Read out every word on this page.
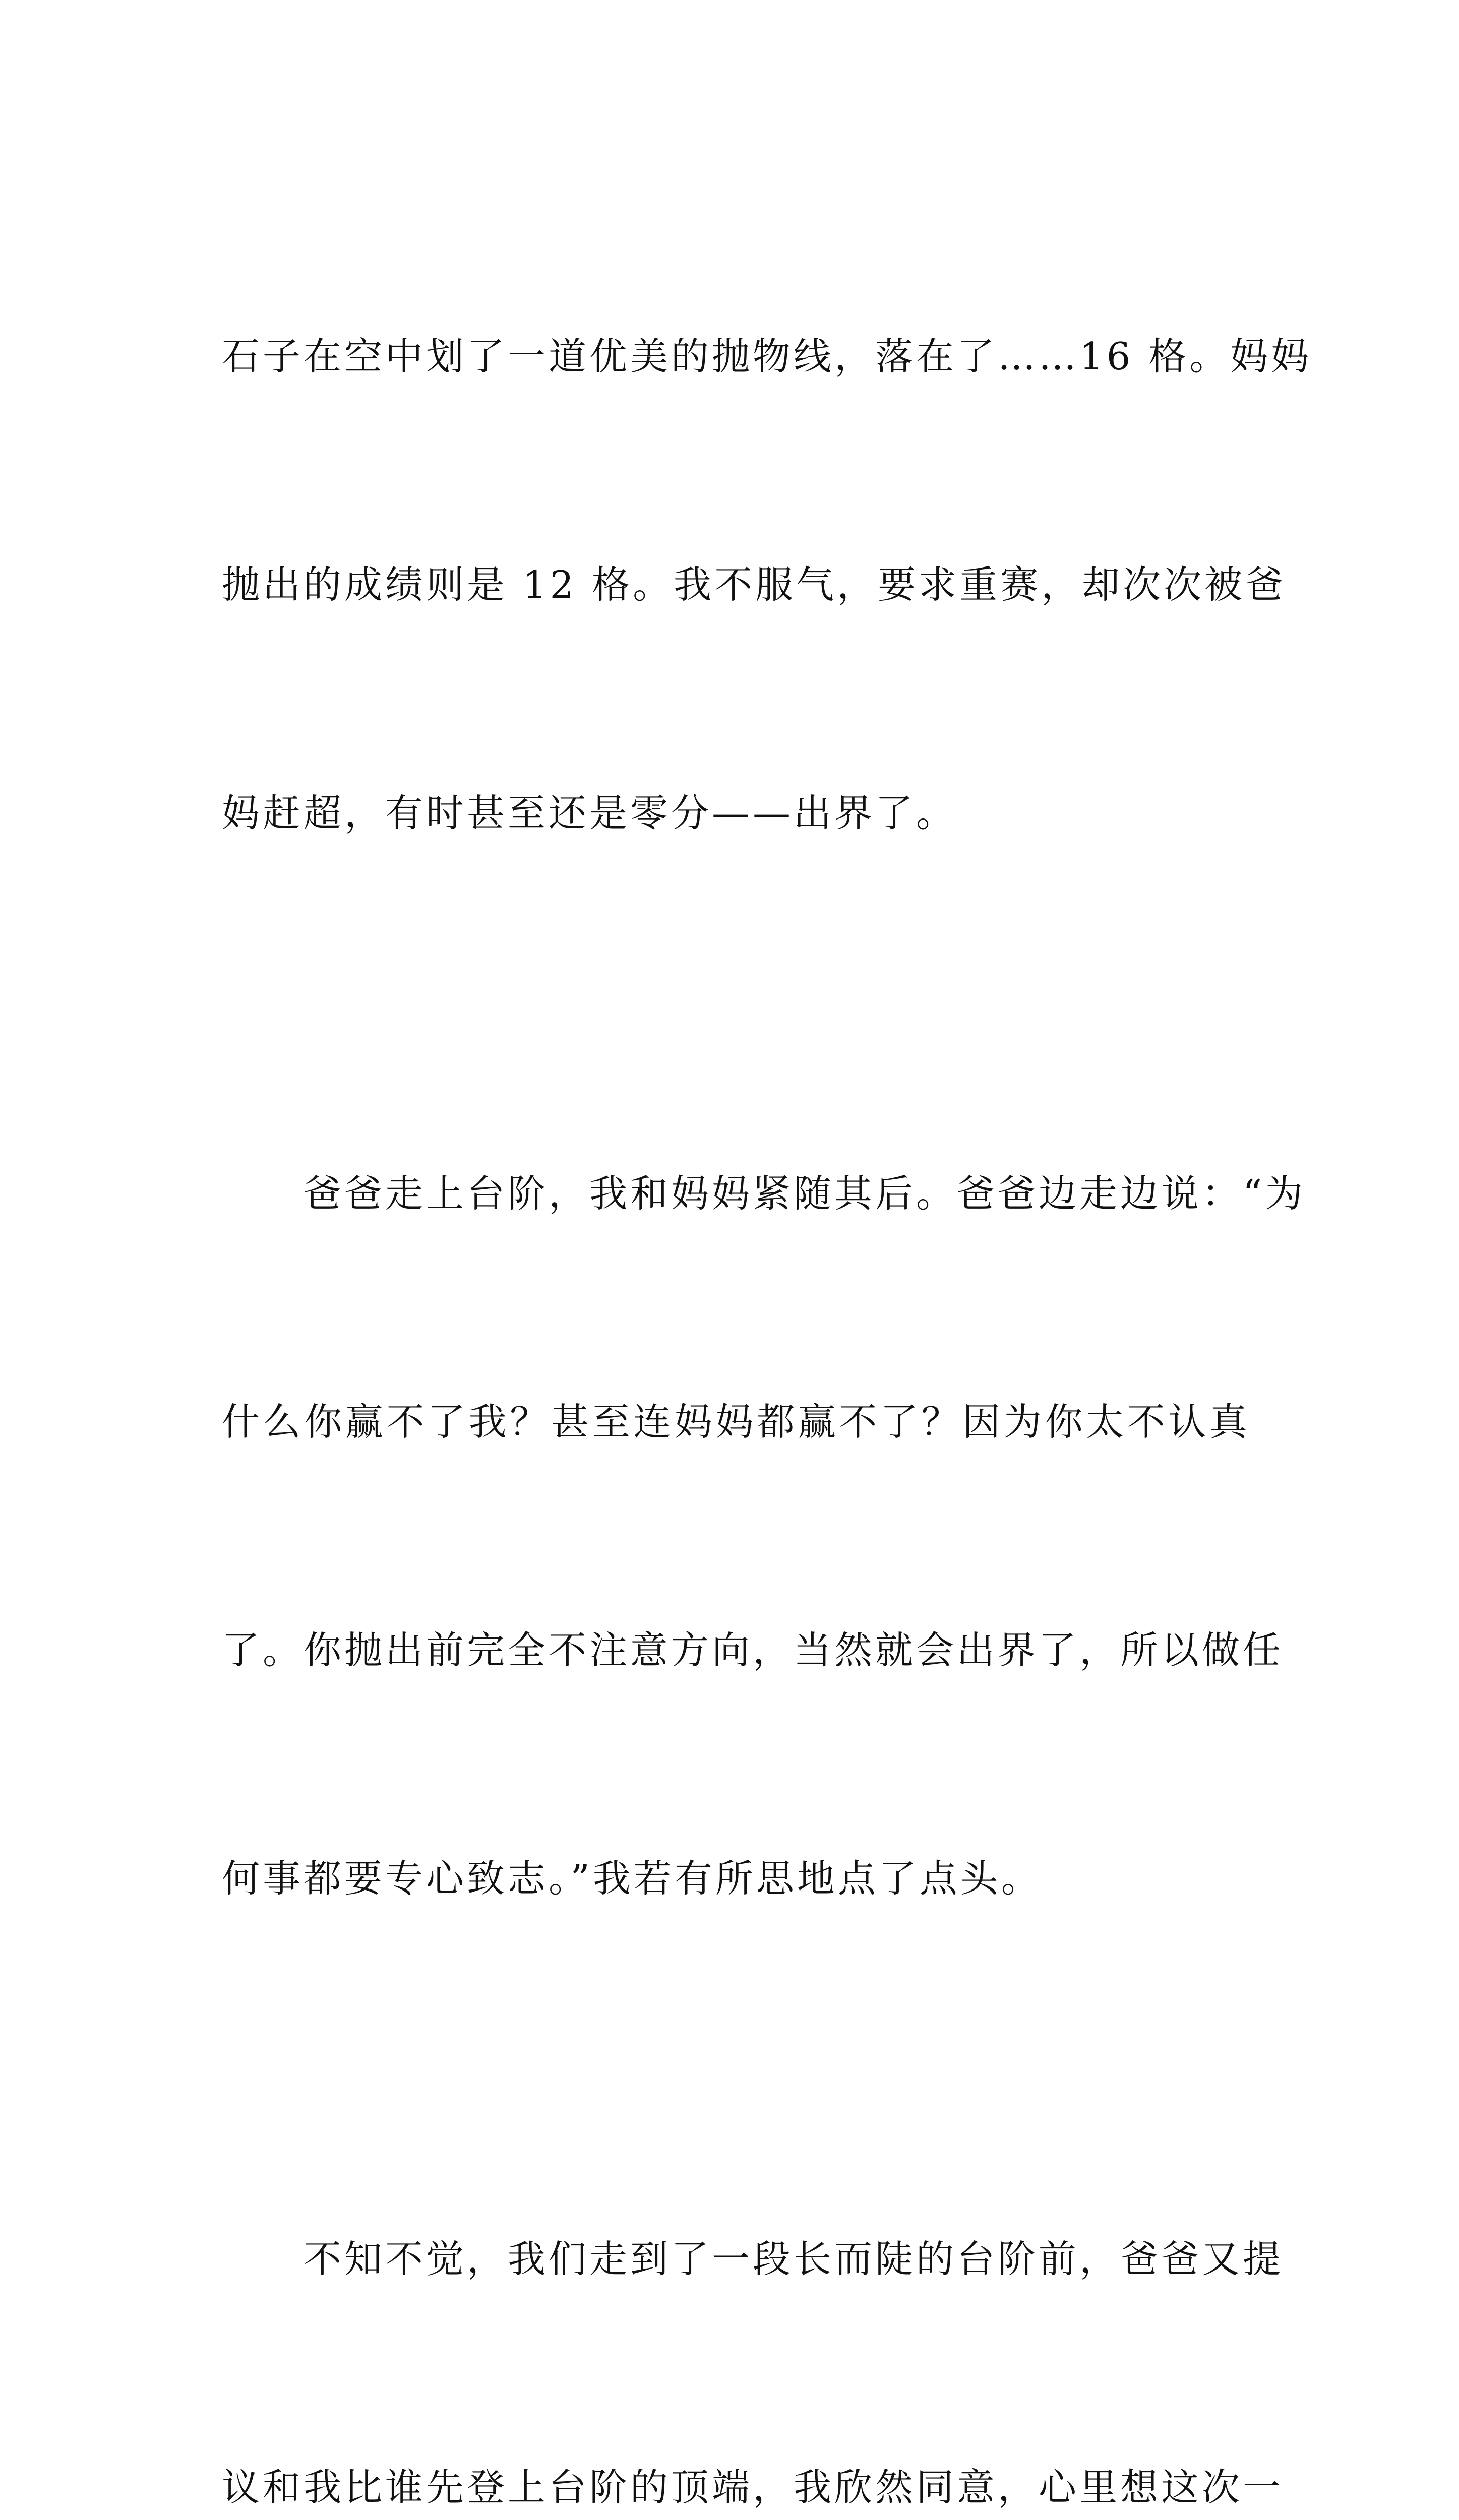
石子在空中划了一道优美的抛物线，落在了……16 格。妈妈

抛出的成绩则是 12 格。我不服气，要求重赛，却次次被爸

妈赶超，有时甚至还是零分——出界了。

　　爸爸走上台阶，我和妈妈紧随其后。爸爸边走边说：“为

什么你赢不了我？甚至连妈妈都赢不了？因为你太不认真

了。你抛出前完全不注意方向，当然就会出界了，所以做任

何事都要专心致志。”我若有所思地点了点头。

　　不知不觉，我们走到了一段长而陡的台阶前，爸爸又提

议和我比谁先登上台阶的顶端，我欣然同意，心里想这次一
